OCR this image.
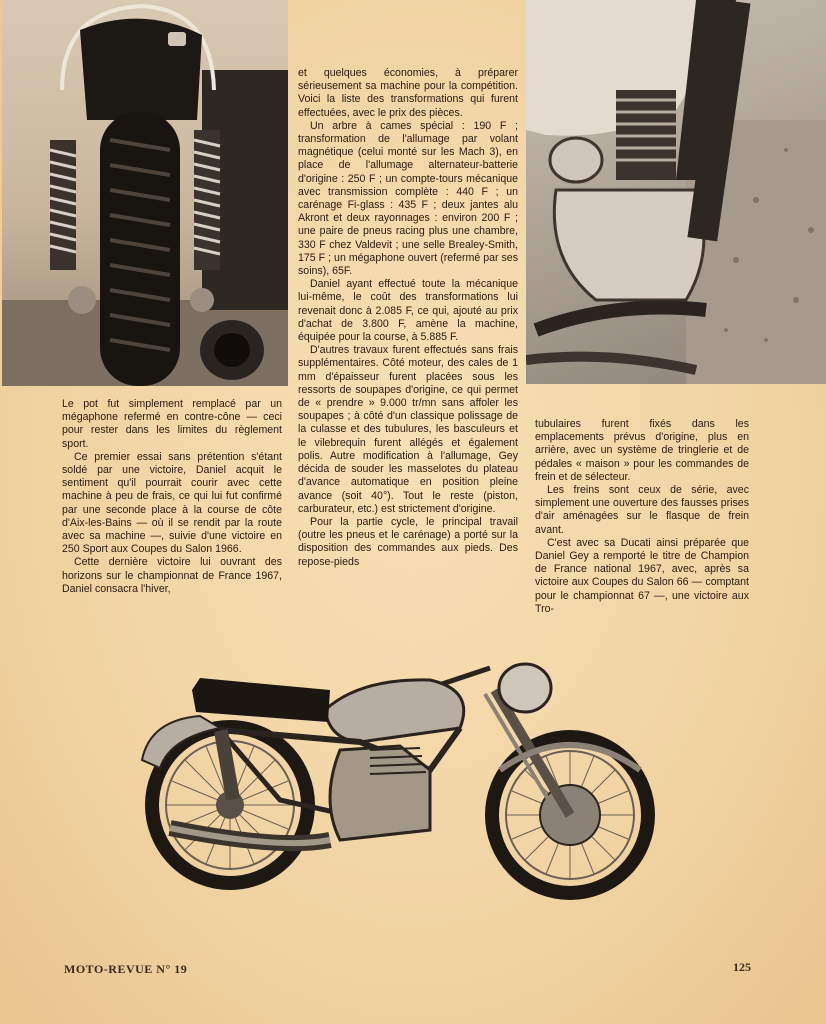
Le pot fut simplement remplacé par un mégaphone refermé en contre-cône — ceci pour rester dans les limites du règlement sport.

Ce premier essai sans prétention s'étant soldé par une victoire, Daniel acquit le sentiment qu'il pourrait courir avec cette machine à peu de frais, ce qui lui fut confirmé par une seconde place à la course de côte d'Aix-les-Bains — où il se rendit par la route avec sa machine —, suivie d'une victoire en 250 Sport aux Coupes du Salon 1966.

Cette dernière victoire lui ouvrant des horizons sur le championnat de France 1967, Daniel consacra l'hiver,

et quelques économies, à préparer sérieusement sa machine pour la compétition. Voici la liste des transformations qui furent effectuées, avec le prix des pièces.

Un arbre à cames spécial : 190 F ; transformation de l'allumage par volant magnétique (celui monté sur les Mach 3), en place de l'allumage alternateur-batterie d'origine : 250 F ; un compte-tours mécanique avec transmission complète : 440 F ; un carénage Fi-glass : 435 F ; deux jantes alu Akront et deux rayonnages : environ 200 F ; une paire de pneus racing plus une chambre, 330 F chez Valdevit ; une selle Brealey-Smith, 175 F ; un mégaphone ouvert (refermé par ses soins), 65F.

Daniel ayant effectué toute la mécanique lui-même, le coût des transformations lui revenait donc à 2.085 F, ce qui, ajouté au prix d'achat de 3.800 F, amène la machine, équipée pour la course, à 5.885 F.

D'autres travaux furent effectués sans frais supplémentaires. Côté moteur, des cales de 1 mm d'épaisseur furent placées sous les ressorts de soupapes d'origine, ce qui permet de « prendre » 9.000 tr/mn sans affoler les soupapes ; à côté d'un classique polissage de la culasse et des tubulures, les basculeurs et le vilebrequin furent allégés et également polis. Autre modification à l'allumage, Gey décida de souder les masselotes du plateau d'avance automatique en position pleine avance (soit 40°). Tout le reste (piston, carburateur, etc.) est strictement d'origine.

Pour la partie cycle, le principal travail (outre les pneus et le carénage) a porté sur la disposition des commandes aux pieds. Des repose-pieds

tubulaires furent fixés dans les emplacements prévus d'origine, plus en arrière, avec un système de tringlerie et de pédales « maison » pour les commandes de frein et de sélecteur.

Les freins sont ceux de série, avec simplement une ouverture des fausses prises d'air aménagées sur le flasque de frein avant.

C'est avec sa Ducati ainsi préparée que Daniel Gey a remporté le titre de Champion de France national 1967, avec, après sa victoire aux Coupes du Salon 66 — comptant pour le championnat 67 —, une victoire aux Tro-

MOTO-REVUE N° 19	125
